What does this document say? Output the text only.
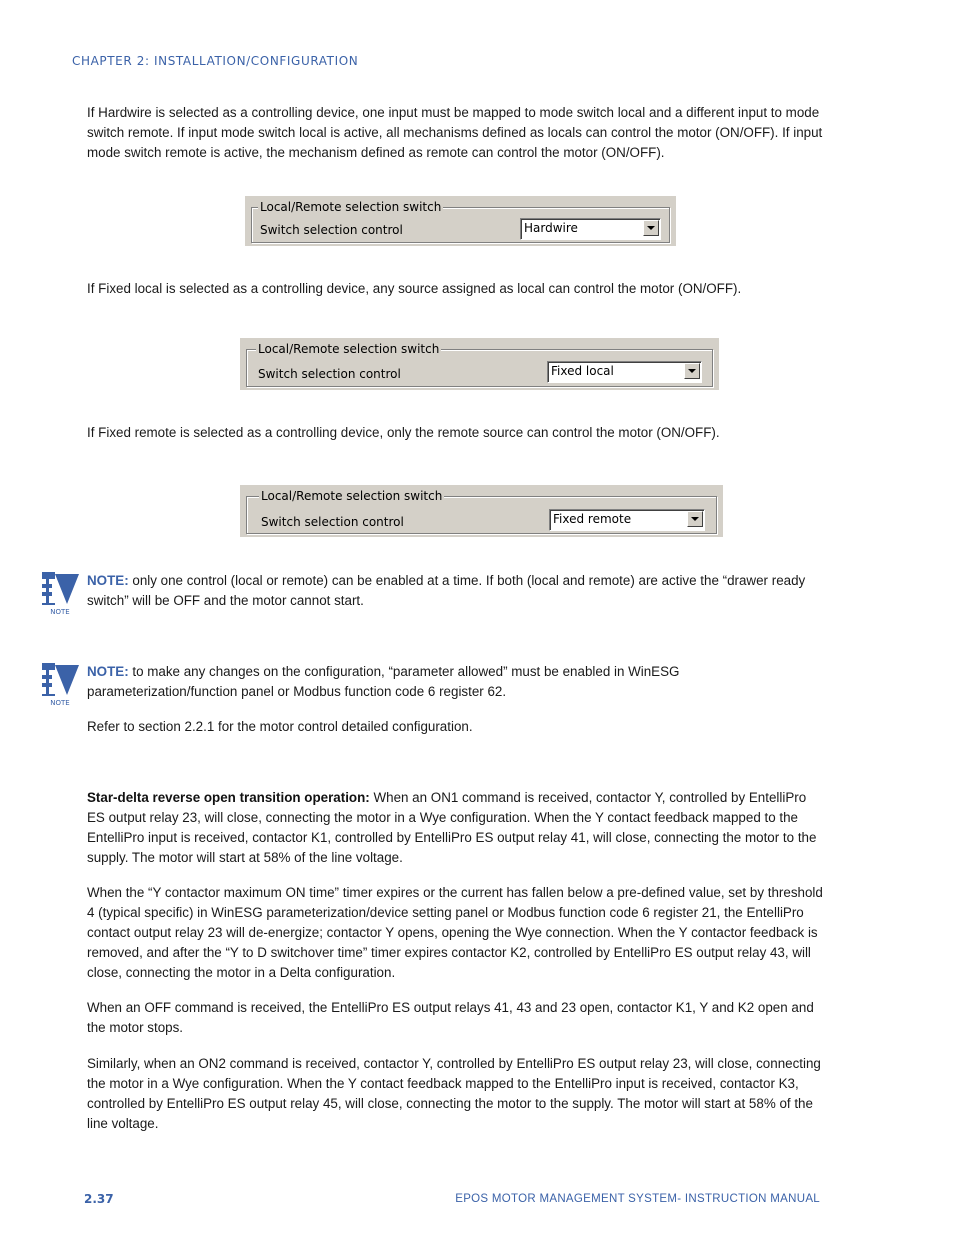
CHAPTER 2: INSTALLATION/CONFIGURATION
If Hardwire is selected as a controlling device, one input must be mapped to mode switch local and a different input to mode switch remote. If input mode switch local is active, all mechanisms defined as locals can control the motor (ON/OFF). If input mode switch remote is active, the mechanism defined as remote can control the motor (ON/OFF).
Local/Remote selection switch
Switch selection control	Hardwire
If Fixed local is selected as a controlling device, any source assigned as local can control the motor (ON/OFF).
Local/Remote selection switch
Switch selection control	Fixed local
If Fixed remote is selected as a controlling device, only the remote source can control the motor (ON/OFF).
Local/Remote selection switch
Switch selection control	Fixed remote
NOTE
NOTE: only one control (local or remote) can be enabled at a time. If both (local and remote) are active the “drawer ready switch” will be OFF and the motor cannot start.
NOTE
NOTE: to make any changes on the configuration, “parameter allowed” must be enabled in WinESG parameterization/function panel or Modbus function code 6 register 62.
Refer to section 2.2.1 for the motor control detailed configuration.
Star-delta reverse open transition operation: When an ON1 command is received, contactor Y, controlled by EntelliPro ES output relay 23, will close, connecting the motor in a Wye configuration. When the Y contact feedback mapped to the EntelliPro input is received, contactor K1, controlled by EntelliPro ES output relay 41, will close, connecting the motor to the supply. The motor will start at 58% of the line voltage.
When the “Y contactor maximum ON time” timer expires or the current has fallen below a pre-defined value, set by threshold 4 (typical specific) in WinESG parameterization/device setting panel or Modbus function code 6 register 21, the EntelliPro contact output relay 23 will de-energize; contactor Y opens, opening the Wye connection. When the Y contactor feedback is removed, and after the “Y to D switchover time” timer expires contactor K2, controlled by EntelliPro ES output relay 43, will close, connecting the motor in a Delta configuration.
When an OFF command is received, the EntelliPro ES output relays 41, 43 and 23 open, contactor K1, Y and K2 open and the motor stops.
Similarly, when an ON2 command is received, contactor Y, controlled by EntelliPro ES output relay 23, will close, connecting the motor in a Wye configuration. When the Y contact feedback mapped to the EntelliPro input is received, contactor K3, controlled by EntelliPro ES output relay 45, will close, connecting the motor to the supply. The motor will start at 58% of the line voltage.
2.37	EPOS MOTOR MANAGEMENT SYSTEM- INSTRUCTION MANUAL
